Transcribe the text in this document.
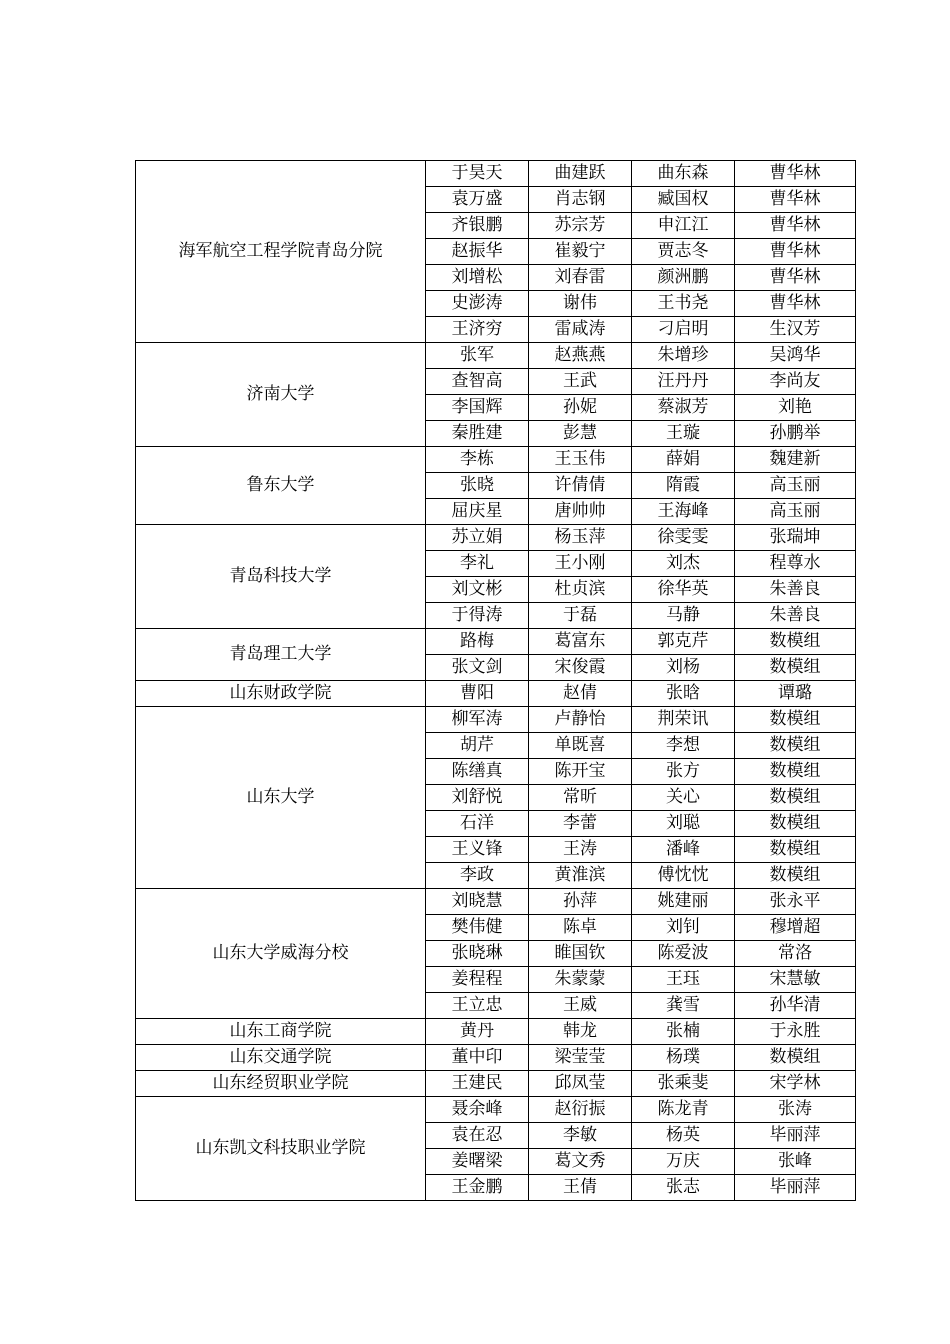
海军航空工程学院青岛分院	于昊天	曲建跃	曲东森	曹华林
	袁万盛	肖志钢	臧国权	曹华林
	齐银鹏	苏宗芳	申江江	曹华林
	赵振华	崔毅宁	贾志冬	曹华林
	刘增松	刘春雷	颜洲鹏	曹华林
	史澎涛	谢伟	王书尧	曹华林
	王济穷	雷咸涛	刁启明	生汉芳
济南大学	张军	赵燕燕	朱增珍	吴鸿华
	查智高	王武	汪丹丹	李尚友
	李国辉	孙妮	蔡淑芳	刘艳
	秦胜建	彭慧	王璇	孙鹏举
鲁东大学	李栋	王玉伟	薛娟	魏建新
	张晓	许倩倩	隋霞	高玉丽
	屈庆星	唐帅帅	王海峰	高玉丽
青岛科技大学	苏立娟	杨玉萍	徐雯雯	张瑞坤
	李礼	王小刚	刘杰	程尊水
	刘文彬	杜贞滨	徐华英	朱善良
	于得涛	于磊	马静	朱善良
青岛理工大学	路梅	葛富东	郭克芹	数模组
	张文剑	宋俊霞	刘杨	数模组
山东财政学院	曹阳	赵倩	张晗	谭璐
山东大学	柳军涛	卢静怡	荆荣讯	数模组
	胡芹	单既喜	李想	数模组
	陈缮真	陈开宝	张方	数模组
	刘舒悦	常昕	关心	数模组
	石洋	李蕾	刘聪	数模组
	王义锋	王涛	潘峰	数模组
	李政	黄淮滨	傅忱忱	数模组
山东大学威海分校	刘晓慧	孙萍	姚建丽	张永平
	樊伟健	陈卓	刘钊	穆增超
	张晓琳	睢国钦	陈爱波	常洛
	姜程程	朱蒙蒙	王珏	宋慧敏
	王立忠	王威	龚雪	孙华清
山东工商学院	黄丹	韩龙	张楠	于永胜
山东交通学院	董中印	梁莹莹	杨璞	数模组
山东经贸职业学院	王建民	邱凤莹	张乘斐	宋学林
山东凯文科技职业学院	聂余峰	赵衍振	陈龙青	张涛
	袁在忍	李敏	杨英	毕丽萍
	姜曙梁	葛文秀	万庆	张峰
	王金鹏	王倩	张志	毕丽萍
